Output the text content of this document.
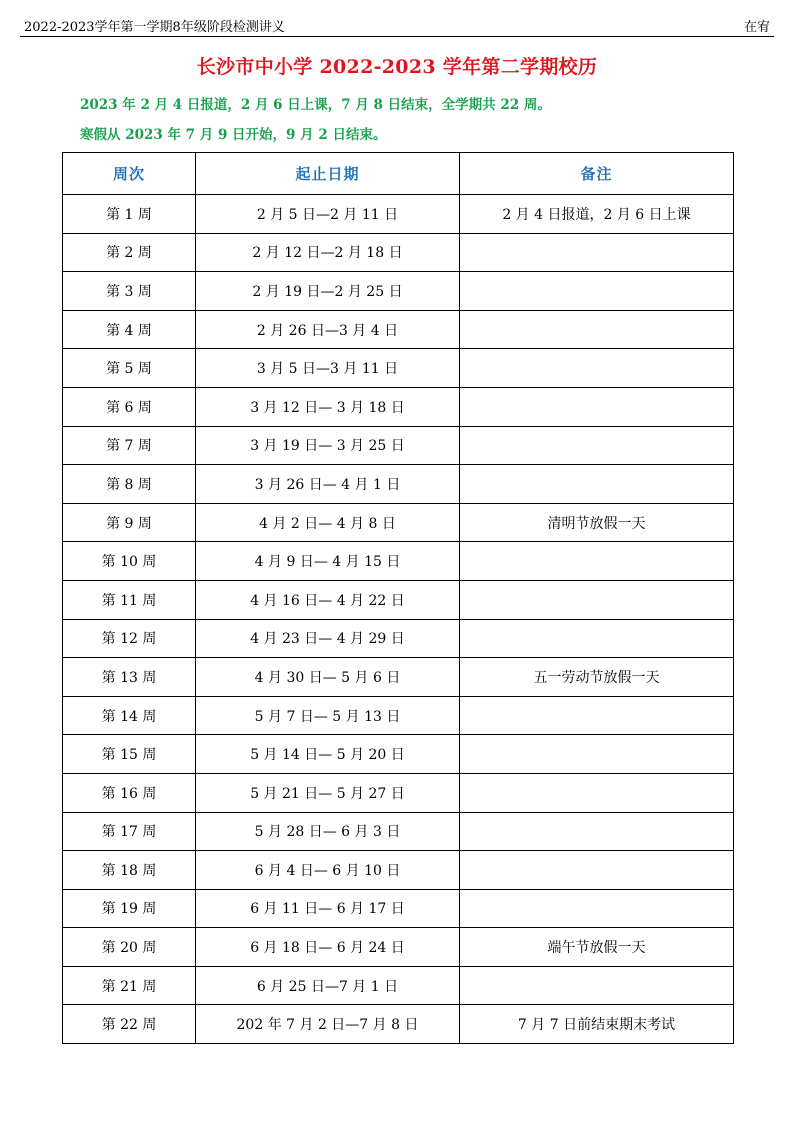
2022-2023学年第一学期8年级阶段检测讲义	在宥
长沙市中小学 2022-2023 学年第二学期校历
2023 年 2 月 4 日报道，2 月 6 日上课，7 月 8 日结束，全学期共 22 周。
寒假从 2023 年 7 月 9 日开始，9 月 2 日结束。
周次	起止日期	备注
第 1 周	2 月 5 日—2 月 11 日	2 月 4 日报道，2 月 6 日上课
第 2 周	2 月 12 日—2 月 18 日	
第 3 周	2 月 19 日—2 月 25 日	
第 4 周	2 月 26 日—3 月 4 日	
第 5 周	3 月 5 日—3 月 11 日	
第 6 周	3 月 12 日— 3 月 18 日	
第 7 周	3 月 19 日— 3 月 25 日	
第 8 周	3 月 26 日— 4 月 1 日	
第 9 周	4 月 2 日— 4 月 8 日	清明节放假一天
第 10 周	4 月 9 日— 4 月 15 日	
第 11 周	4 月 16 日— 4 月 22 日	
第 12 周	4 月 23 日— 4 月 29 日	
第 13 周	4 月 30 日— 5 月 6 日	五一劳动节放假一天
第 14 周	5 月 7 日— 5 月 13 日	
第 15 周	5 月 14 日— 5 月 20 日	
第 16 周	5 月 21 日— 5 月 27 日	
第 17 周	5 月 28 日— 6 月 3 日	
第 18 周	6 月 4 日— 6 月 10 日	
第 19 周	6 月 11 日— 6 月 17 日	
第 20 周	6 月 18 日— 6 月 24 日	端午节放假一天
第 21 周	6 月 25 日—7 月 1 日	
第 22 周	202 年 7 月 2 日—7 月 8 日	7 月 7 日前结束期末考试
